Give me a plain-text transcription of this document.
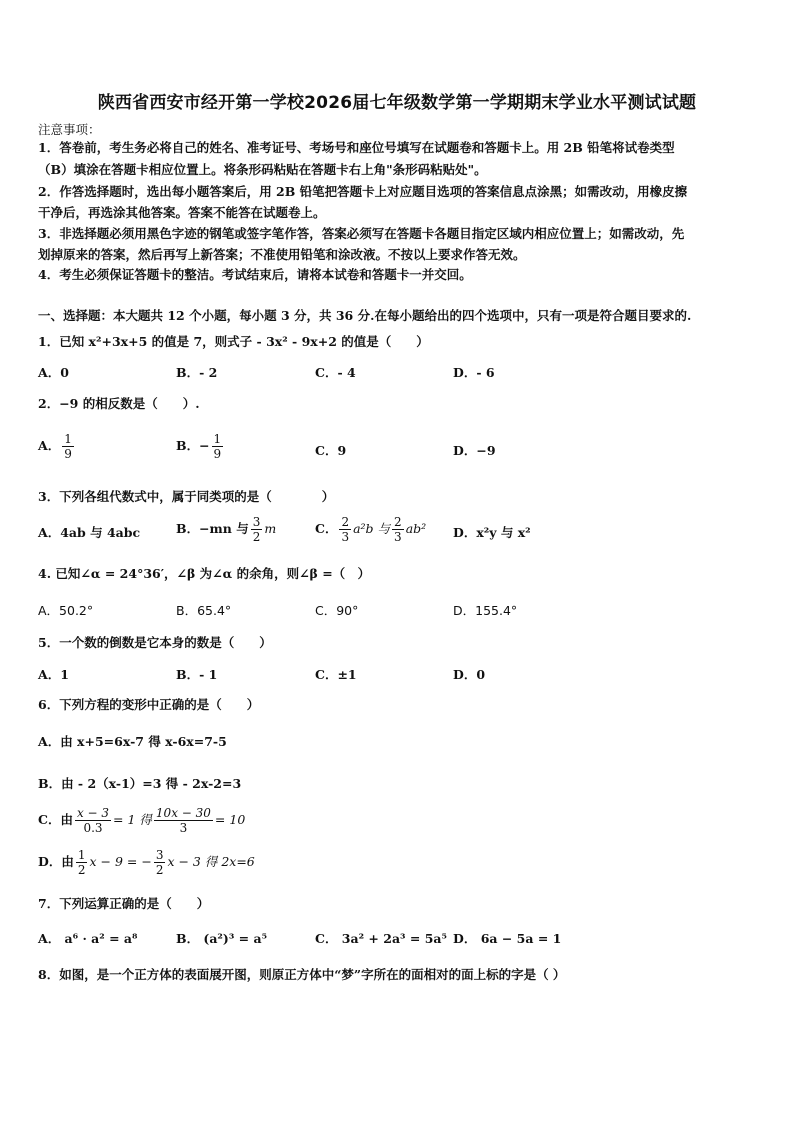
陕西省西安市经开第一学校2026届七年级数学第一学期期末学业水平测试试题
注意事项：
1．答卷前，考生务必将自己的姓名、准考证号、考场号和座位号填写在试题卷和答题卡上。用 2B 铅笔将试卷类型
（B）填涂在答题卡相应位置上。将条形码粘贴在答题卡右上角"条形码粘贴处"。
2．作答选择题时，选出每小题答案后，用 2B 铅笔把答题卡上对应题目选项的答案信息点涂黑；如需改动，用橡皮擦
干净后，再选涂其他答案。答案不能答在试题卷上。
3．非选择题必须用黑色字迹的钢笔或签字笔作答，答案必须写在答题卡各题目指定区域内相应位置上；如需改动，先
划掉原来的答案，然后再写上新答案；不准使用铅笔和涂改液。不按以上要求作答无效。
4．考生必须保证答题卡的整洁。考试结束后，请将本试卷和答题卡一并交回。
一、选择题：本大题共 12 个小题，每小题 3 分，共 36 分.在每小题给出的四个选项中，只有一项是符合题目要求的.
1．已知 x²+3x+5 的值是 7，则式子 - 3x² - 9x+2 的值是（　　）
A．0	B．- 2	C．- 4	D．- 6
2．−9 的相反数是（　　）.
A． $\frac{1}{9}$	B．− $\frac{1}{9}$	C．9	D．−9
3．下列各组代数式中，属于同类项的是（　　　　）
A．4ab 与 4abc	B．−mn 与 $\frac{3}{2}$ m	C． $\frac{2}{3} a^2b$ 与 $\frac{2}{3} ab^2$ D．x²y 与 x²
4. 已知∠α = 24°36′，∠β 为∠α 的余角，则∠β =（　）
A．50.2°	B．65.4°	C．90°	D．155.4°
5．一个数的倒数是它本身的数是（　　）
A．1	B．- 1	C．±1	D．0
6．下列方程的变形中正确的是（　　）
A．由 x+5=6x-7 得 x-6x=7-5
B．由 - 2（x-1）=3 得 - 2x-2=3
C．由 $\frac{x - 3}{0.3} = 1$ 得 $\frac{10x - 30}{3} = 10$
D．由 $\frac{1}{2}$ x − 9 = − $\frac{3}{2}$ x − 3 得 2x=6
7．下列运算正确的是（　　）
A． a⁶ · a² = a⁸	B． (a²)³ = a⁵	C． 3a² + 2a³ = 5a⁵ D． 6a − 5a = 1
8．如图，是一个正方体的表面展开图，则原正方体中“梦”字所在的面相对的面上标的字是（ ）
